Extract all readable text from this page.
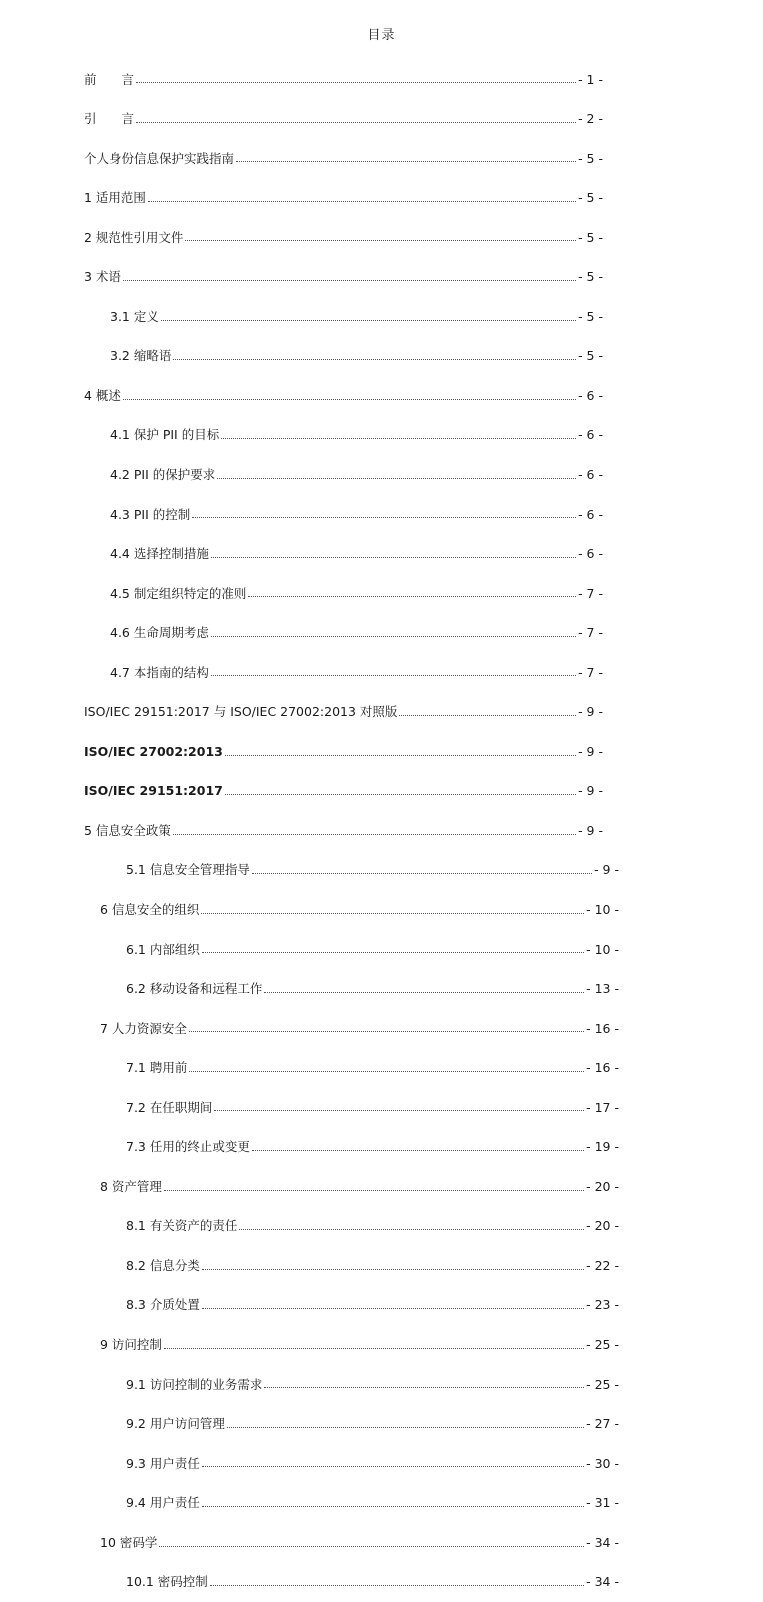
目录
前　　言	- 1 -
引　　言	- 2 -
个人身份信息保护实践指南	- 5 -
1 适用范围	- 5 -
2 规范性引用文件	- 5 -
3 术语	- 5 -
3.1 定义	- 5 -
3.2 缩略语	- 5 -
4 概述	- 6 -
4.1 保护 PII 的目标	- 6 -
4.2 PII 的保护要求	- 6 -
4.3 PII 的控制	- 6 -
4.4 选择控制措施	- 6 -
4.5 制定组织特定的准则	- 7 -
4.6 生命周期考虑	- 7 -
4.7 本指南的结构	- 7 -
ISO/IEC 29151:2017 与 ISO/IEC 27002:2013 对照版	- 9 -
ISO/IEC 27002:2013	- 9 -
ISO/IEC 29151:2017	- 9 -
5 信息安全政策	- 9 -
5.1 信息安全管理指导	- 9 -
6 信息安全的组织	- 10 -
6.1 内部组织	- 10 -
6.2 移动设备和远程工作	- 13 -
7 人力资源安全	- 16 -
7.1 聘用前	- 16 -
7.2 在任职期间	- 17 -
7.3 任用的终止或变更	- 19 -
8 资产管理	- 20 -
8.1 有关资产的责任	- 20 -
8.2 信息分类	- 22 -
8.3 介质处置	- 23 -
9 访问控制	- 25 -
9.1 访问控制的业务需求	- 25 -
9.2 用户访问管理	- 27 -
9.3 用户责任	- 30 -
9.4 用户责任	- 31 -
10 密码学	- 34 -
10.1 密码控制	- 34 -
